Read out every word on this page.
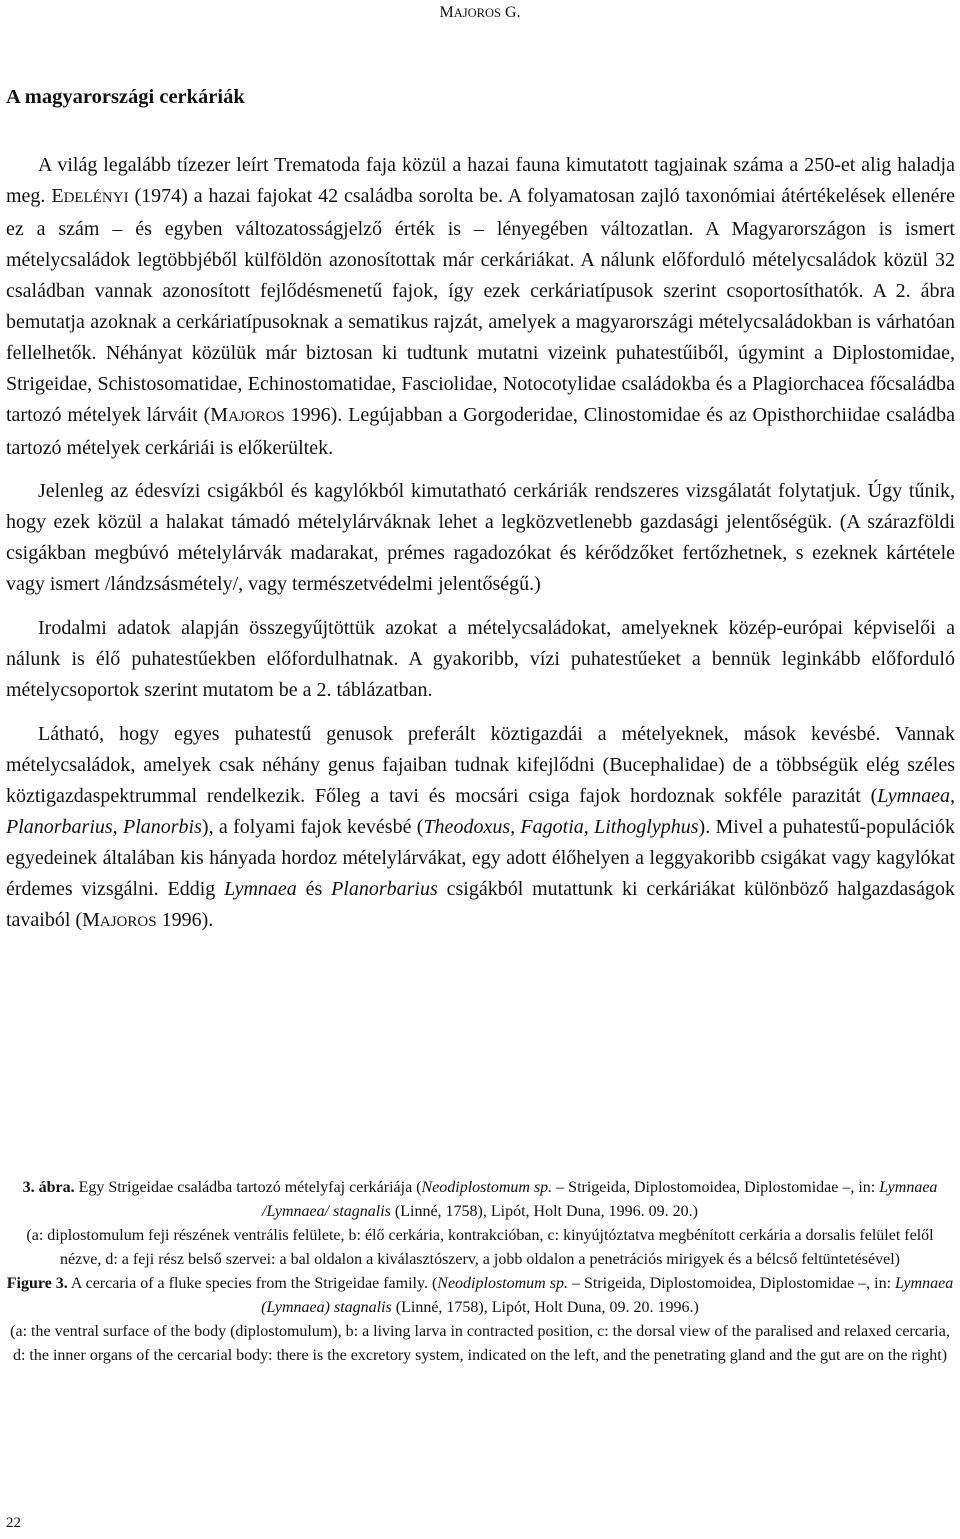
MAJOROS G.
A magyarországi cerkáriák

A világ legalább tízezer leírt Trematoda faja közül a hazai fauna kimutatott tagjainak száma a 250-et alig haladja meg. EDELÉNYI (1974) a hazai fajokat 42 családba sorolta be. A folyamatosan zajló taxonómiai átértékelések ellenére ez a szám – és egyben változatosságjelző érték is – lényegében változatlan. A Magyarországon is ismert mételycsaládok legtöbbjéből külföldön azonosítottak már cerkáriákat. A nálunk előforduló mételycsaládok közül 32 családban vannak azonosított fejlődésmenetű fajok, így ezek cerkáriatípusok szerint csoportosíthatók. A 2. ábra bemutatja azoknak a cerkáriatípusoknak a sematikus rajzát, amelyek a magyarországi mételycsaládokban is várhatóan fellelhetők. Néhányat közülük már biztosan ki tudtunk mutatni vizeink puhatestűiből, úgymint a Diplostomidae, Strigeidae, Schistosomatidae, Echinostomatidae, Fasciolidae, Notocotylidae családokba és a Plagiorchacea főcsaládba tartozó mételyek lárváit (MAJOROS 1996). Legújabban a Gorgoderidae, Clinostomidae és az Opisthorchiidae családba tartozó mételyek cerkáriái is előkerültek.

Jelenleg az édesvízi csigákból és kagylókból kimutatható cerkáriák rendszeres vizsgálatát folytatjuk. Úgy tűnik, hogy ezek közül a halakat támadó mételylárváknak lehet a legközvetlenebb gazdasági jelentőségük. (A szárazföldi csigákban megbúvó mételylárvák madarakat, prémes ragadozókat és kérődzőket fertőzhetnek, s ezeknek kártétele vagy ismert /lándzsásmétely/, vagy természetvédelmi jelentőségű.)

Irodalmi adatok alapján összegyűjtöttük azokat a mételycsaládokat, amelyeknek közép-európai képviselői a nálunk is élő puhatestűekben előfordulhatnak. A gyakoribb, vízi puhatestűeket a bennük leginkább előforduló mételycsoportok szerint mutatom be a 2. táblázatban.

Látható, hogy egyes puhatestű genusok preferált köztigazdái a mételyeknek, mások kevésbé. Vannak mételycsaládok, amelyek csak néhány genus fajaiban tudnak kifejlődni (Bucephalidae) de a többségük elég széles köztigazdaspektrummal rendelkezik. Főleg a tavi és mocsári csiga fajok hordoznak sokféle parazitát (Lymnaea, Planorbarius, Planorbis), a folyami fajok kevésbé (Theodoxus, Fagotia, Lithoglyphus). Mivel a puhatestű-populációk egyedeinek általában kis hányada hordoz mételylárvákat, egy adott élőhelyen a leggyakoribb csigákat vagy kagylókat érdemes vizsgálni. Eddig Lymnaea és Planorbarius csigákból mutattunk ki cerkáriákat különböző halgazdaságok tavaiból (MAJOROS 1996).

3. ábra. Egy Strigeidae családba tartozó mételyfaj cerkáriája (Neodiplostomum sp. – Strigeida, Diplostomoidea, Diplostomidae –, in: Lymnaea /Lymnaea/ stagnalis (Linné, 1758), Lipót, Holt Duna, 1996. 09. 20.)

(a: diplostomulum feji részének ventrális felülete, b: élő cerkária, kontrakcióban, c: kinyújtóztatva megbénított cerkária a dorsalis felület felől nézve, d: a feji rész belső szervei: a bal oldalon a kiválasztószerv, a jobb oldalon a penetrációs mirigyek és a bélcső feltüntetésével)

Figure 3. A cercaria of a fluke species from the Strigeidae family. (Neodiplostomum sp. – Strigeida, Diplostomoidea, Diplostomidae –, in: Lymnaea (Lymnaea) stagnalis (Linné, 1758), Lipót, Holt Duna, 09. 20. 1996.)

(a: the ventral surface of the body (diplostomulum), b: a living larva in contracted position, c: the dorsal view of the paralised and relaxed cercaria, d: the inner organs of the cercarial body: there is the excretory system, indicated on the left, and the penetrating gland and the gut are on the right)

22
